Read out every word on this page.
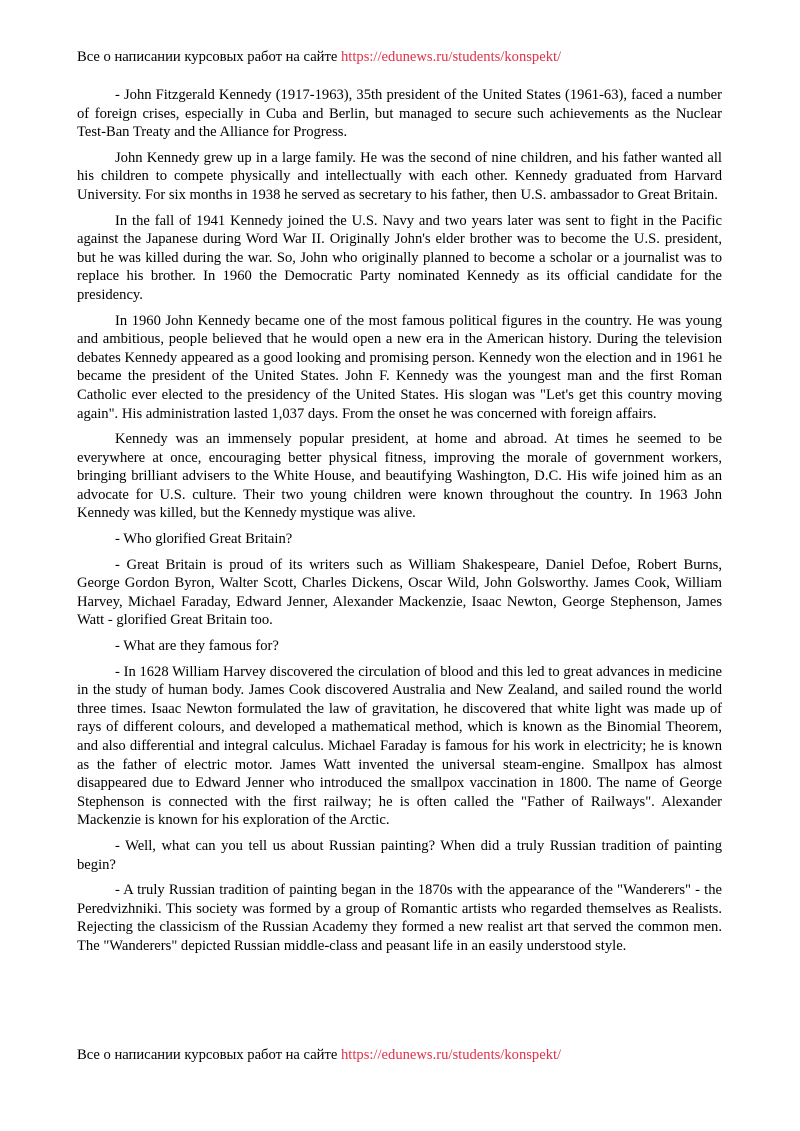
Все о написании курсовых работ на сайте https://edunews.ru/students/konspekt/

- John Fitzgerald Kennedy (1917-1963), 35th president of the United States (1961-63), faced a number of foreign crises, especially in Cuba and Berlin, but managed to secure such achievements as the Nuclear Test-Ban Treaty and the Alliance for Progress.

John Kennedy grew up in a large family. He was the second of nine children, and his father wanted all his children to compete physically and intellectually with each other. Kennedy graduated from Harvard University. For six months in 1938 he served as secretary to his father, then U.S. ambassador to Great Britain.

In the fall of 1941 Kennedy joined the U.S. Navy and two years later was sent to fight in the Pacific against the Japanese during Word War II. Originally John's elder brother was to become the U.S. president, but he was killed during the war. So, John who originally planned to become a scholar or a journalist was to replace his brother. In 1960 the Democratic Party nominated Kennedy as its official candidate for the presidency.

In 1960 John Kennedy became one of the most famous political figures in the country. He was young and ambitious, people believed that he would open a new era in the American history. During the television debates Kennedy appeared as a good looking and promising person. Kennedy won the election and in 1961 he became the president of the United States. John F. Kennedy was the youngest man and the first Roman Catholic ever elected to the presidency of the United States. His slogan was "Let's get this country moving again". His administration lasted 1,037 days. From the onset he was concerned with foreign affairs.

Kennedy was an immensely popular president, at home and abroad. At times he seemed to be everywhere at once, encouraging better physical fitness, improving the morale of government workers, bringing brilliant advisers to the White House, and beautifying Washington, D.C. His wife joined him as an advocate for U.S. culture. Their two young children were known throughout the country. In 1963 John Kennedy was killed, but the Kennedy mystique was alive.

- Who glorified Great Britain?

- Great Britain is proud of its writers such as William Shakespeare, Daniel Defoe, Robert Burns, George Gordon Byron, Walter Scott, Charles Dickens, Oscar Wild, John Golsworthy. James Cook, William Harvey, Michael Faraday, Edward Jenner, Alexander Mackenzie, Isaac Newton, George Stephenson, James Watt - glorified Great Britain too.

- What are they famous for?

- In 1628 William Harvey discovered the circulation of blood and this led to great advances in medicine in the study of human body. James Cook discovered Australia and New Zealand, and sailed round the world three times. Isaac Newton formulated the law of gravitation, he discovered that white light was made up of rays of different colours, and developed a mathematical method, which is known as the Binomial Theorem, and also differential and integral calculus. Michael Faraday is famous for his work in electricity; he is known as the father of electric motor. James Watt invented the universal steam-engine. Smallpox has almost disappeared due to Edward Jenner who introduced the smallpox vaccination in 1800. The name of George Stephenson is connected with the first railway; he is often called the "Father of Railways". Alexander Mackenzie is known for his exploration of the Arctic.

- Well, what can you tell us about Russian painting? When did a truly Russian tradition of painting begin?

- A truly Russian tradition of painting began in the 1870s with the appearance of the "Wanderers" - the Peredvizhniki. This society was formed by a group of Romantic artists who regarded themselves as Realists. Rejecting the classicism of the Russian Academy they formed a new realist art that served the common men. The "Wanderers" depicted Russian middle-class and peasant life in an easily understood style.

Все о написании курсовых работ на сайте https://edunews.ru/students/konspekt/
